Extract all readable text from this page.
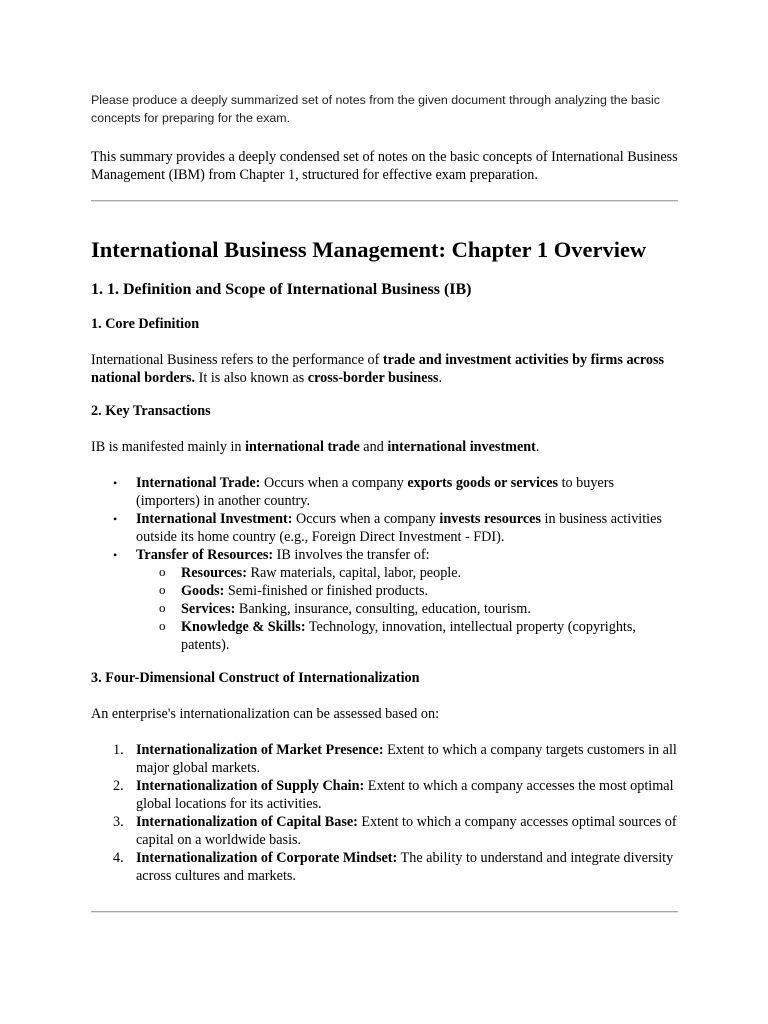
Please produce a deeply summarized set of notes from the given document through analyzing the basic concepts for preparing for the exam.
This summary provides a deeply condensed set of notes on the basic concepts of International Business Management (IBM) from Chapter 1, structured for effective exam preparation.
International Business Management: Chapter 1 Overview
1. 1. Definition and Scope of International Business (IB)
1. Core Definition

International Business refers to the performance of trade and investment activities by firms across national borders. It is also known as cross-border business.

2. Key Transactions

IB is manifested mainly in international trade and international investment.

• International Trade: Occurs when a company exports goods or services to buyers (importers) in another country.
• International Investment: Occurs when a company invests resources in business activities outside its home country (e.g., Foreign Direct Investment - FDI).
• Transfer of Resources: IB involves the transfer of:
o Resources: Raw materials, capital, labor, people.
o Goods: Semi-finished or finished products.
o Services: Banking, insurance, consulting, education, tourism.
o Knowledge & Skills: Technology, innovation, intellectual property (copyrights, patents).
3. Four-Dimensional Construct of Internationalization

An enterprise's internationalization can be assessed based on:

1. Internationalization of Market Presence: Extent to which a company targets customers in all major global markets.
2. Internationalization of Supply Chain: Extent to which a company accesses the most optimal global locations for its activities.
3. Internationalization of Capital Base: Extent to which a company accesses optimal sources of capital on a worldwide basis.
4. Internationalization of Corporate Mindset: The ability to understand and integrate diversity across cultures and markets.
